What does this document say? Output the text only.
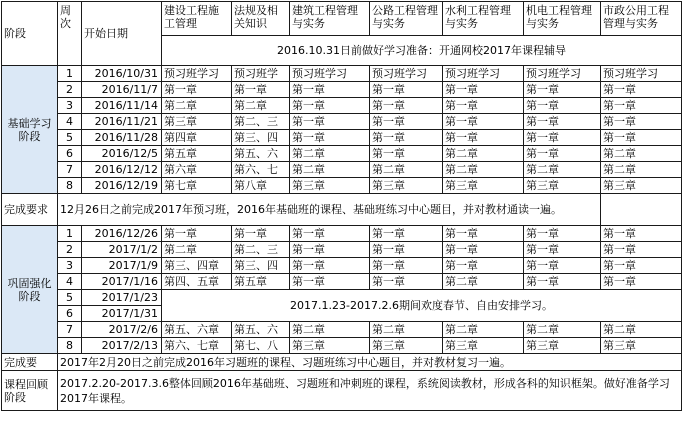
阶段	周次	开始日期	建设工程施工管理	法规及相关知识	建筑工程管理与实务	公路工程管理与实务	水利工程管理与实务	机电工程管理与实务	市政公用工程管理与实务
			2016.10.31日前做好学习准备：开通网校2017年课程辅导						
基础学习阶段	1	2016/10/31	预习班学习	预习班学	预习班学习	预习班学习	预习班学习	预习班学习	预习班学习
	2	2016/11/7	第一章	第一章	第一章	第一章	第一章	第一章	第一章
	3	2016/11/14	第二章	第二章	第一章	第一章	第一章	第一章	第一章
	4	2016/11/21	第三章	第二、三	第一章	第一章	第一章	第一章	第一章
	5	2016/11/28	第四章	第三、四	第一章	第一章	第一章	第一章	第一章
	6	2016/12/5	第五章	第五、六	第二章	第一章	第二章	第一章	第二章
	7	2016/12/12	第六章	第六、七	第二章	第二章	第二章	第二章	第二章
	8	2016/12/19	第七章	第八章	第三章	第三章	第三章	第三章	第三章
完成要求	12月26日之前完成2017年预习班，2016年基础班的课程、基础班练习中心题目，并对教材通读一遍。								
巩固强化阶段	1	2016/12/26	第一章	第一章	第一章	第一章	第一章	第一章	第一章
	2	2017/1/2	第二章	第二、三	第一章	第一章	第一章	第一章	第一章
	3	2017/1/9	第三、四章	第三、四	第一章	第一章	第一章	第一章	第一章
	4	2017/1/16	第四、五章	第五章	第一章	第一章	第二章	第一章	第一章
	5	2017/1/23	2017.1.23-2017.2.6期间欢度春节、自由安排学习。						
	6	2017/1/31							
	7	2017/2/6	第五、六章	第五、六	第二章	第二章	第二章	第二章	第二章
	8	2017/2/13	第六、七章	第七、八	第三章	第三章	第三章	第三章	第三章
完成要	2017年2月20日之前完成2016年习题班的课程、习题班练习中心题目，并对教材复习一遍。								
课程回顾阶段	2017.2.20-2017.3.6整体回顾2016年基础班、习题班和冲刺班的课程，系统阅读教材，形成各科的知识框架。做好准备学习2017年课程。								
